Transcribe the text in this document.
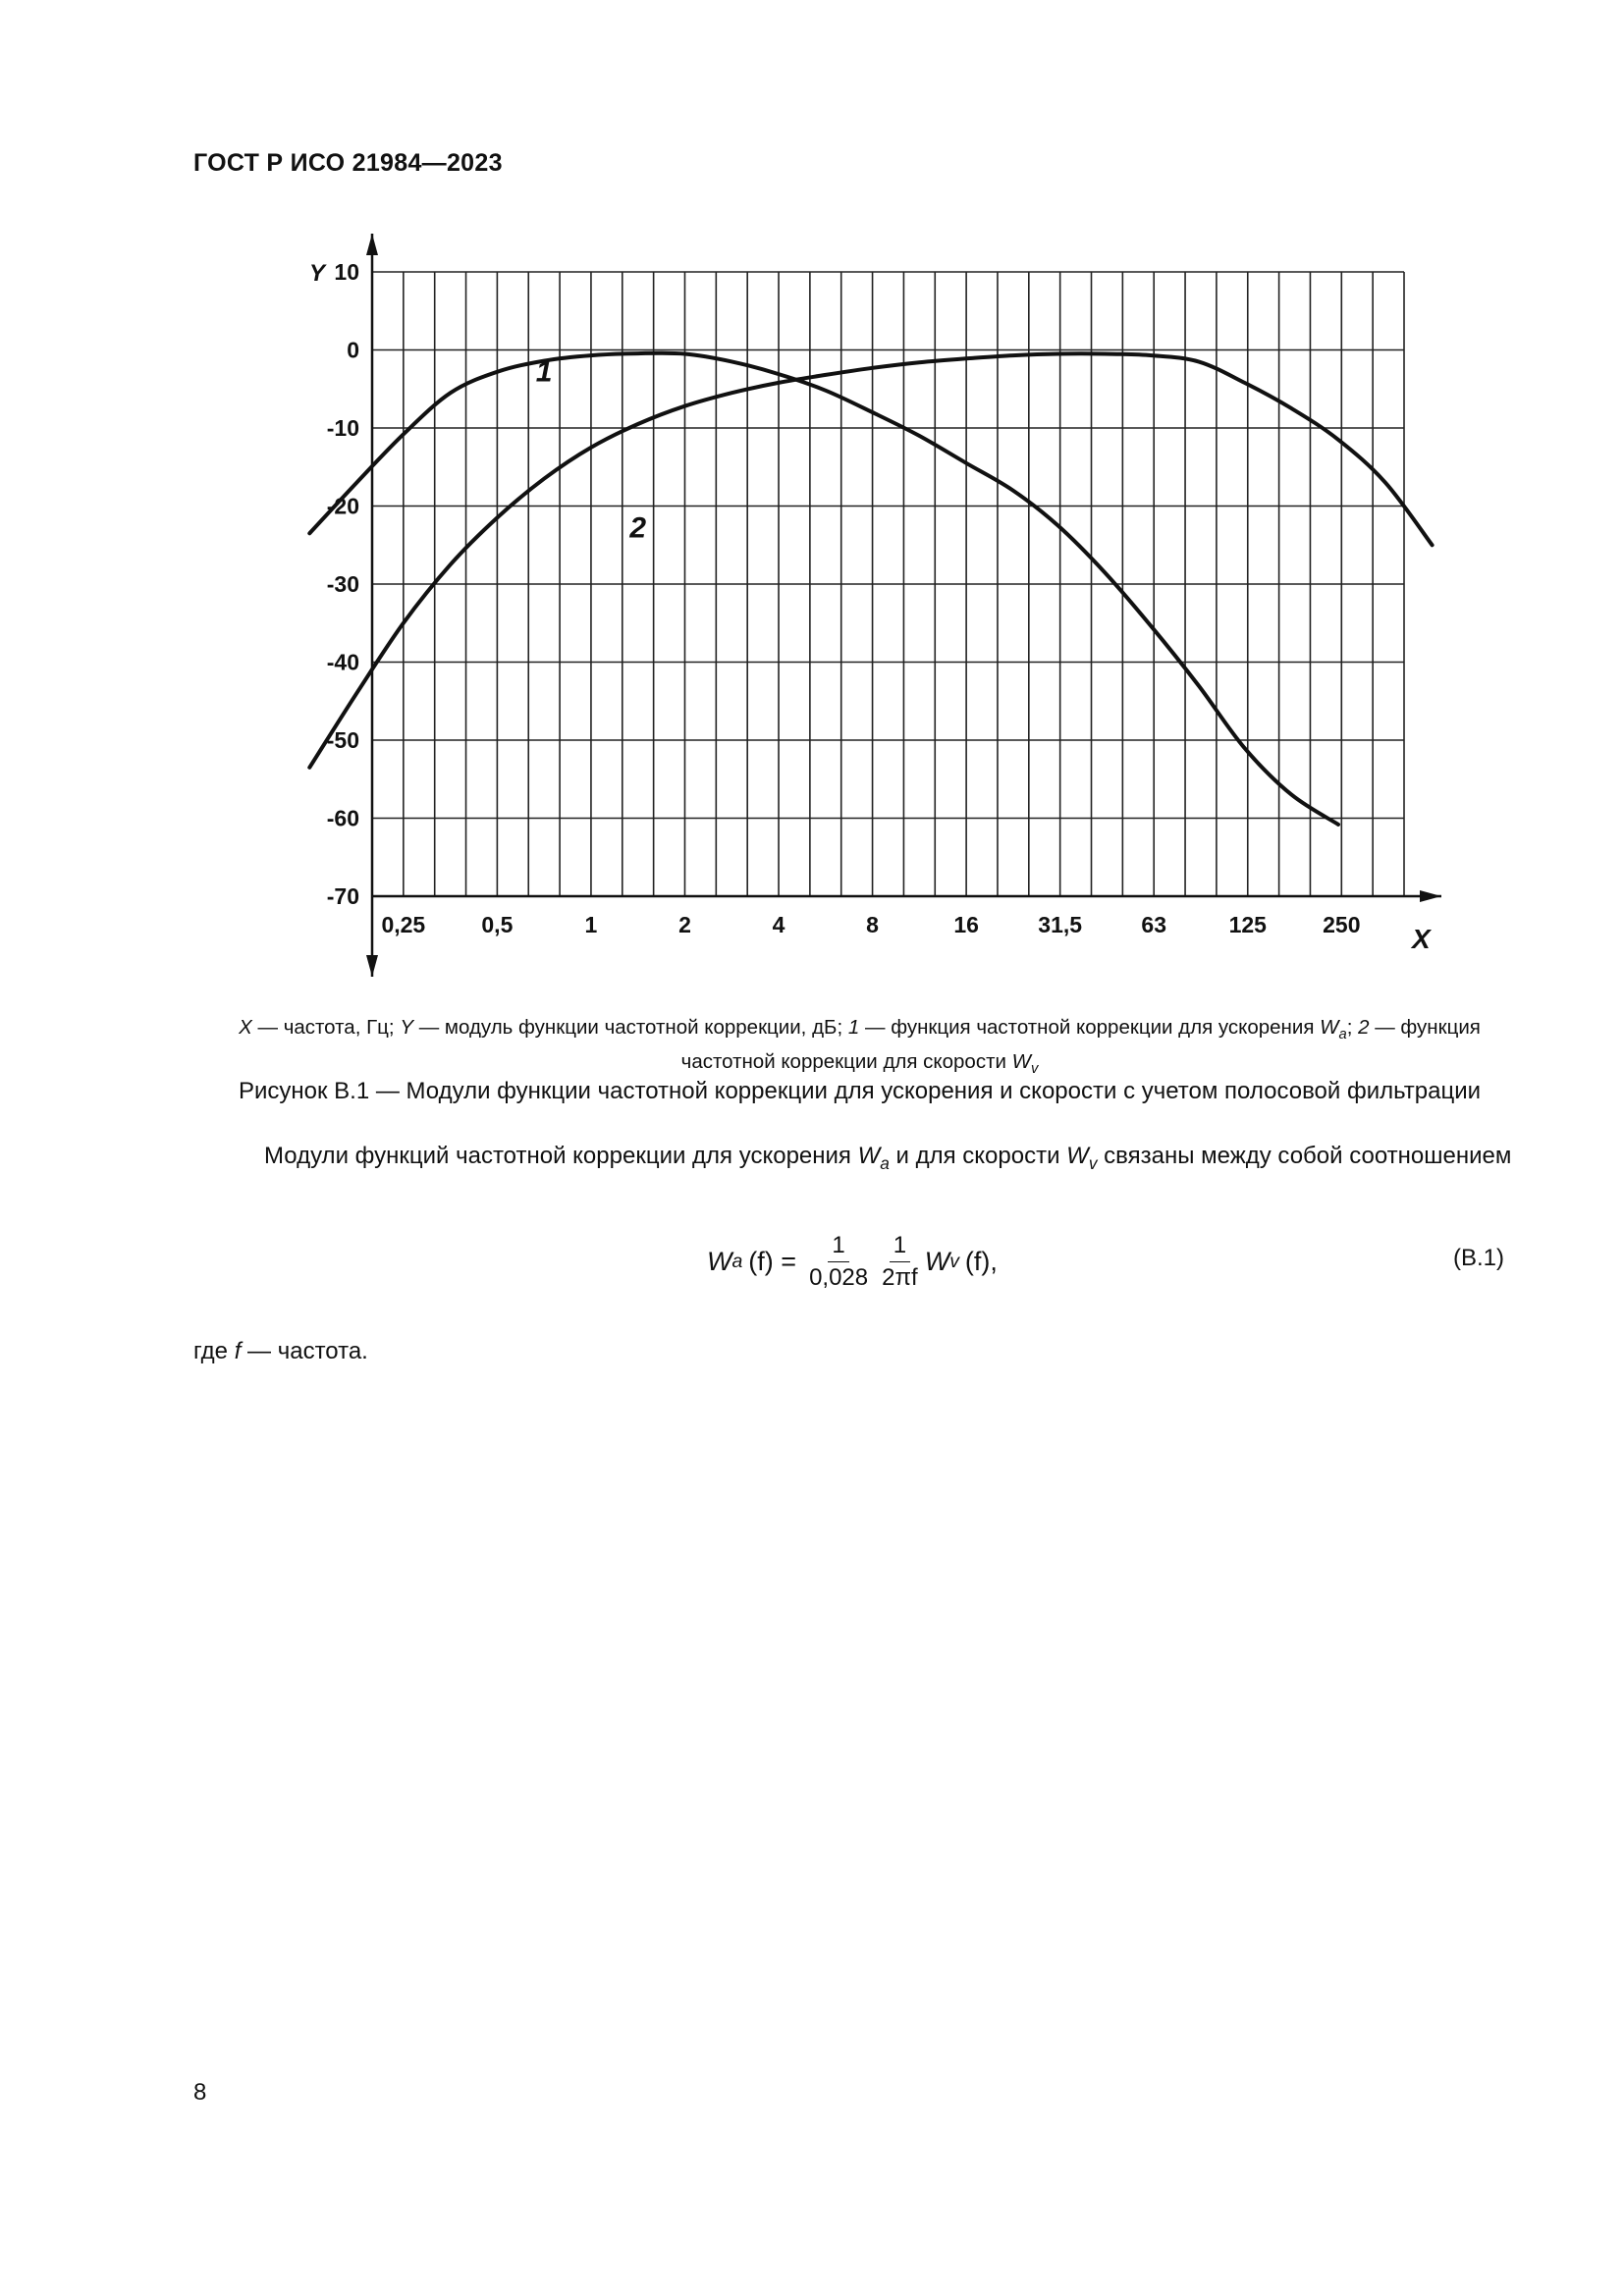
ГОСТ Р ИСО 21984—2023
10
0
-10
-20
-30
-40
-50
-60
-70
Y
0,25 0,5	1	2	4	8	16	31,5	63	125 250 X
1
2
X — частота, Гц; Y — модуль функции частотной коррекции, дБ; 1 — функция частотной коррекции для ускорения $W_a$; 2 — функция частотной коррекции для скорости $W_v$
Рисунок B.1 — Модули функции частотной коррекции для ускорения и скорости с учетом полосовой фильтрации
Модули функций частотной коррекции для ускорения $W_a$ и для скорости $W_v$ связаны между собой соотношением
W a $(f) = \frac{1}{0,028} \frac{1}{2\pi f}$ W v (f),	(B.1)
где f — частота.
8
